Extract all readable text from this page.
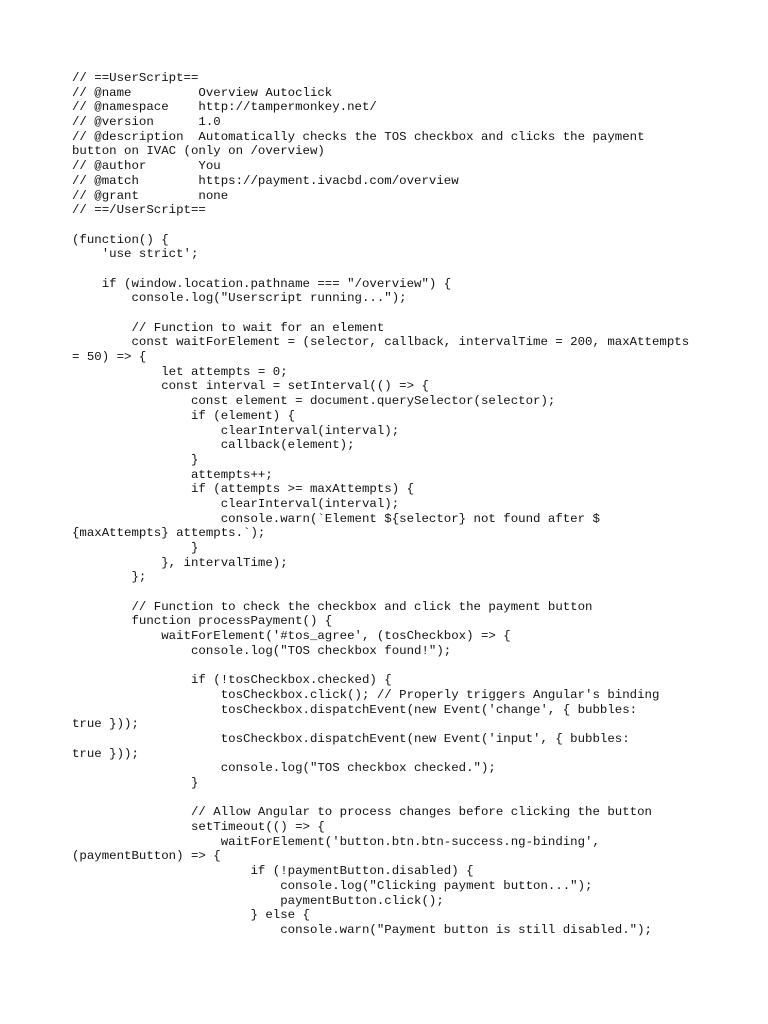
// ==UserScript==
// @name         Overview Autoclick
// @namespace    http://tampermonkey.net/
// @version      1.0
// @description  Automatically checks the TOS checkbox and clicks the payment
button on IVAC (only on /overview)
// @author       You
// @match        https://payment.ivacbd.com/overview
// @grant        none
// ==/UserScript==
(function() {
'use strict';
if (window.location.pathname === "/overview") {
console.log("Userscript running...");
// Function to wait for an element
const waitForElement = (selector, callback, intervalTime = 200, maxAttempts
= 50) => {
let attempts = 0;
const interval = setInterval(() => {
const element = document.querySelector(selector);
if (element) {
clearInterval(interval);
callback(element);
}
attempts++;
if (attempts >= maxAttempts) {
clearInterval(interval);
console.warn(`Element ${selector} not found after $
{maxAttempts} attempts.`);
}
}, intervalTime);
};
// Function to check the checkbox and click the payment button
function processPayment() {
waitForElement('#tos_agree', (tosCheckbox) => {
console.log("TOS checkbox found!");
if (!tosCheckbox.checked) {
tosCheckbox.click(); // Properly triggers Angular's binding
tosCheckbox.dispatchEvent(new Event('change', { bubbles:
true }));
tosCheckbox.dispatchEvent(new Event('input', { bubbles:
true }));
console.log("TOS checkbox checked.");
}
// Allow Angular to process changes before clicking the button
setTimeout(() => {
waitForElement('button.btn.btn-success.ng-binding',
(paymentButton) => {
if (!paymentButton.disabled) {
console.log("Clicking payment button...");
paymentButton.click();
} else {
console.warn("Payment button is still disabled.");
